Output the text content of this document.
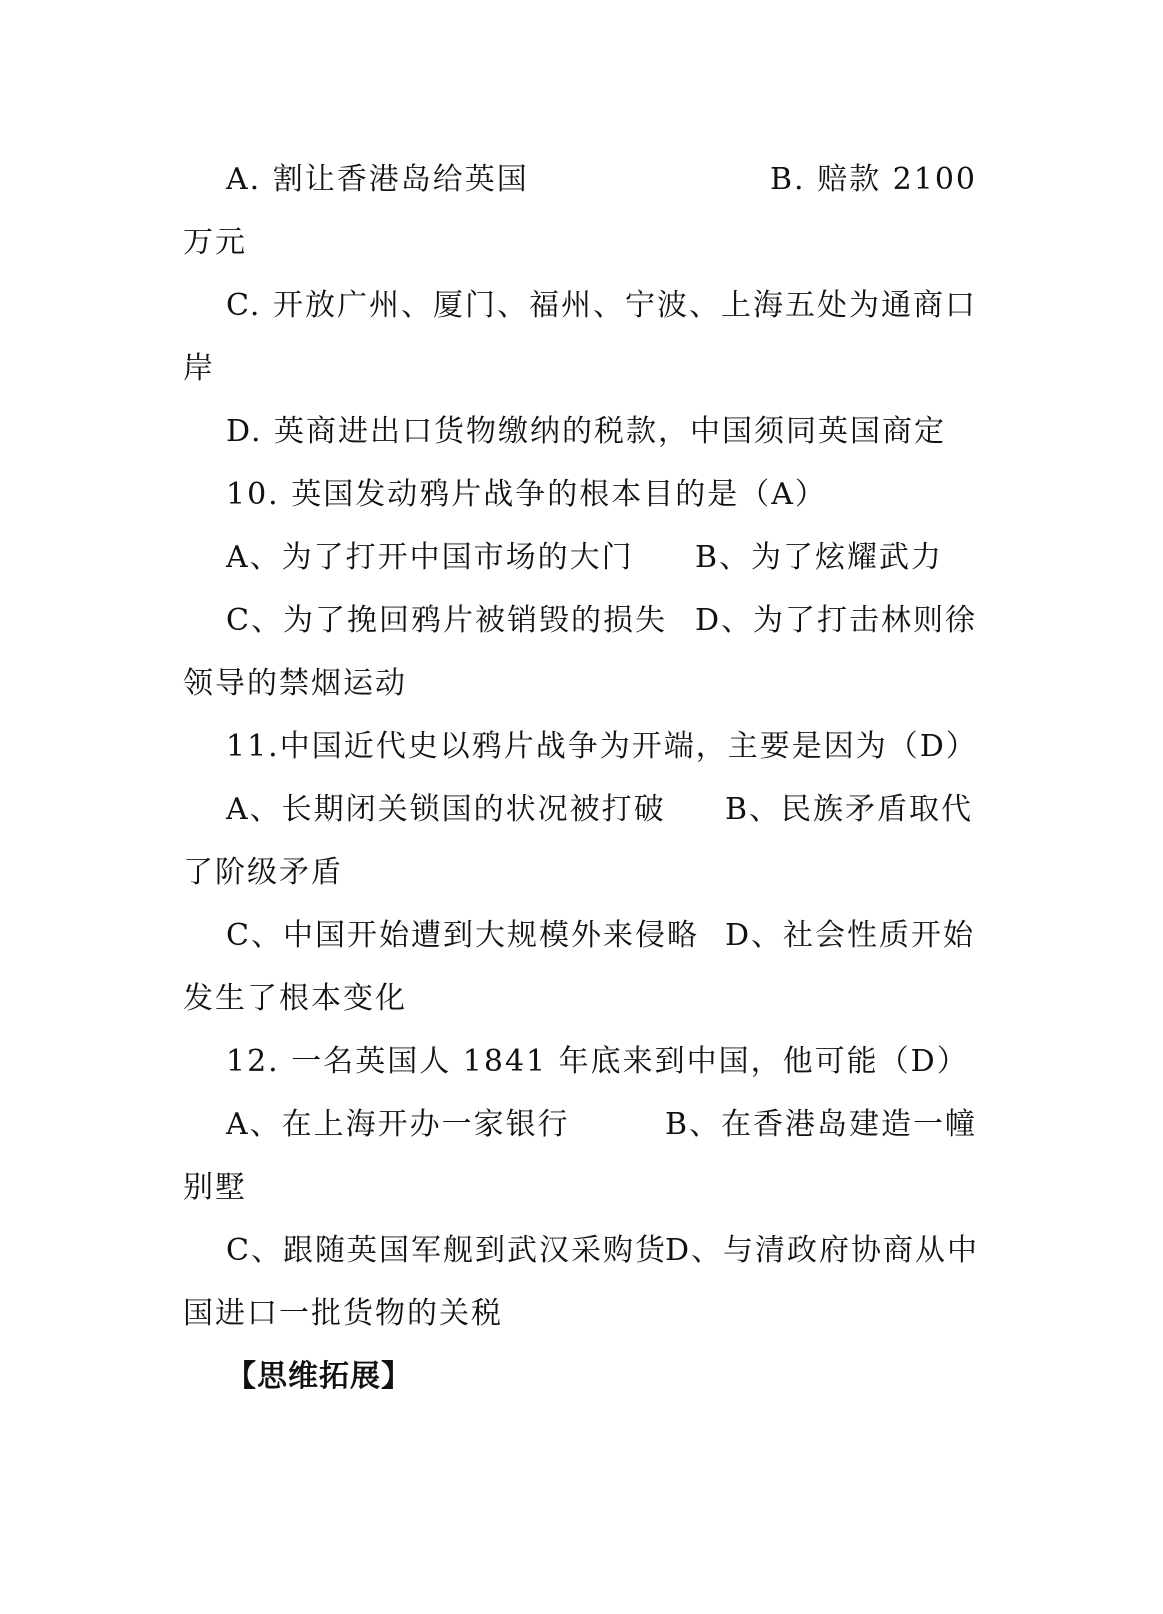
A. 割让香港岛给英国	B. 赔款 2100
万元
C. 开放广州、厦门、福州、宁波、上海五处为通商口
岸
D. 英商进出口货物缴纳的税款，中国须同英国商定
10. 英国发动鸦片战争的根本目的是（A）
A、为了打开中国市场的大门 B、为了炫耀武力
C、为了挽回鸦片被销毁的损失 D、为了打击林则徐
领导的禁烟运动
11.中国近代史以鸦片战争为开端，主要是因为（D）
A、长期闭关锁国的状况被打破 B、民族矛盾取代
了阶级矛盾
C、中国开始遭到大规模外来侵略 D、社会性质开始
发生了根本变化
12. 一名英国人 1841 年底来到中国，他可能（D）
A、在上海开办一家银行	B、在香港岛建造一幢
别墅
C、跟随英国军舰到武汉采购货
D、与清政府协商从中
国进口一批货物的关税
【思维拓展】
